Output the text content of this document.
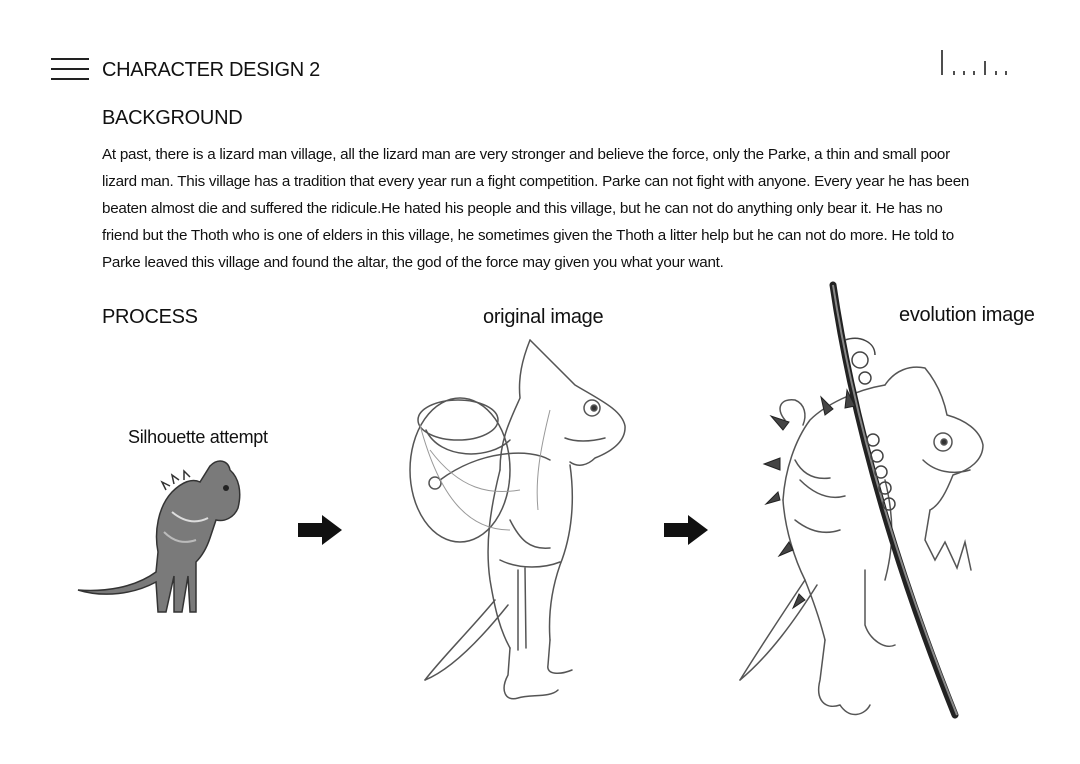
CHARACTER DESIGN 2
BACKGROUND

At past, there is a lizard man village, all the lizard man are very stronger and believe the force, only the Parke, a thin and small poor
lizard man. This village has a tradition that every year run a fight competition. Parke can not fight with anyone. Every year he has been
beaten almost die and suffered the ridicule.He hated his people and this village, but he can not do anything only bear it. He has no
friend but the Thoth who is one of elders in this village, he sometimes given the Thoth a litter help but he can not do more. He told to
Parke leaved this village and found the altar, the god of the force may given you what your want.

PROCESS	original image	evolution image
Silhouette attempt
